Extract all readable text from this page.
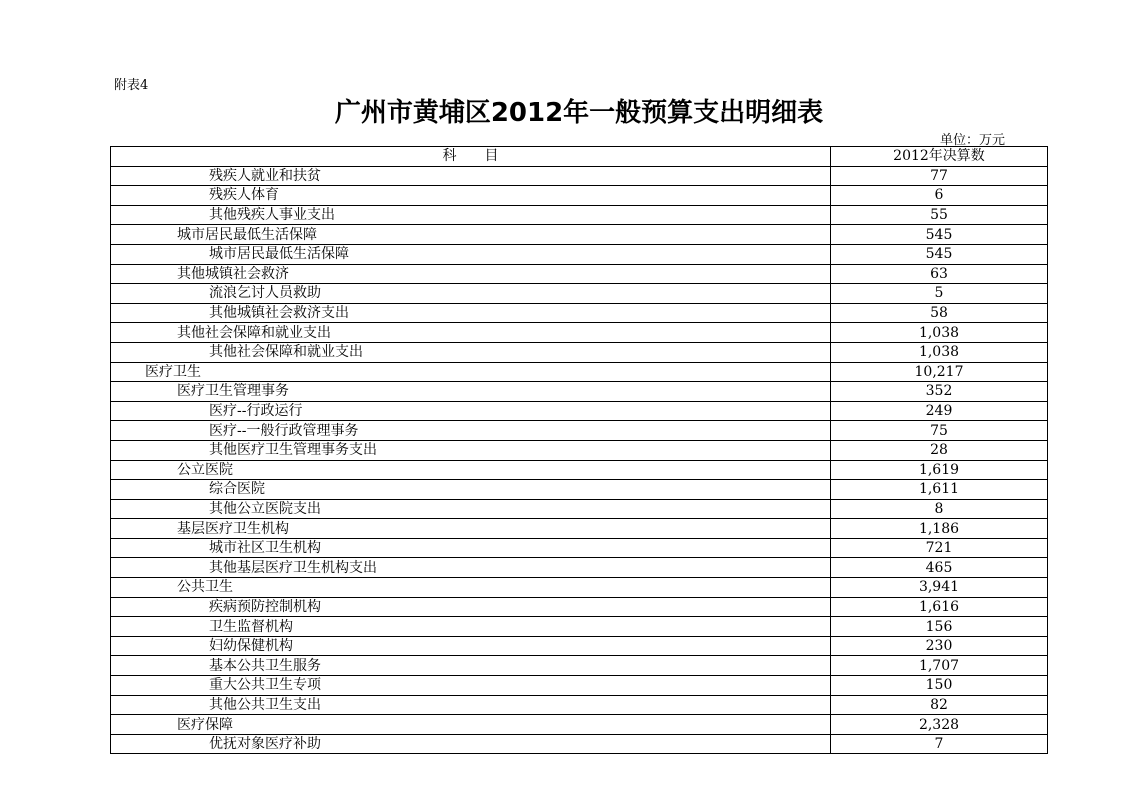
附表4
广州市黄埔区2012年一般预算支出明细表
单位：万元
科　　目	2012年决算数
残疾人就业和扶贫	77
残疾人体育	6
其他残疾人事业支出	55
城市居民最低生活保障	545
城市居民最低生活保障	545
其他城镇社会救济	63
流浪乞讨人员救助	5
其他城镇社会救济支出	58
其他社会保障和就业支出	1,038
其他社会保障和就业支出	1,038
医疗卫生	10,217
医疗卫生管理事务	352
医疗--行政运行	249
医疗--一般行政管理事务	75
其他医疗卫生管理事务支出	28
公立医院	1,619
综合医院	1,611
其他公立医院支出	8
基层医疗卫生机构	1,186
城市社区卫生机构	721
其他基层医疗卫生机构支出	465
公共卫生	3,941
疾病预防控制机构	1,616
卫生监督机构	156
妇幼保健机构	230
基本公共卫生服务	1,707
重大公共卫生专项	150
其他公共卫生支出	82
医疗保障	2,328
优抚对象医疗补助	7
